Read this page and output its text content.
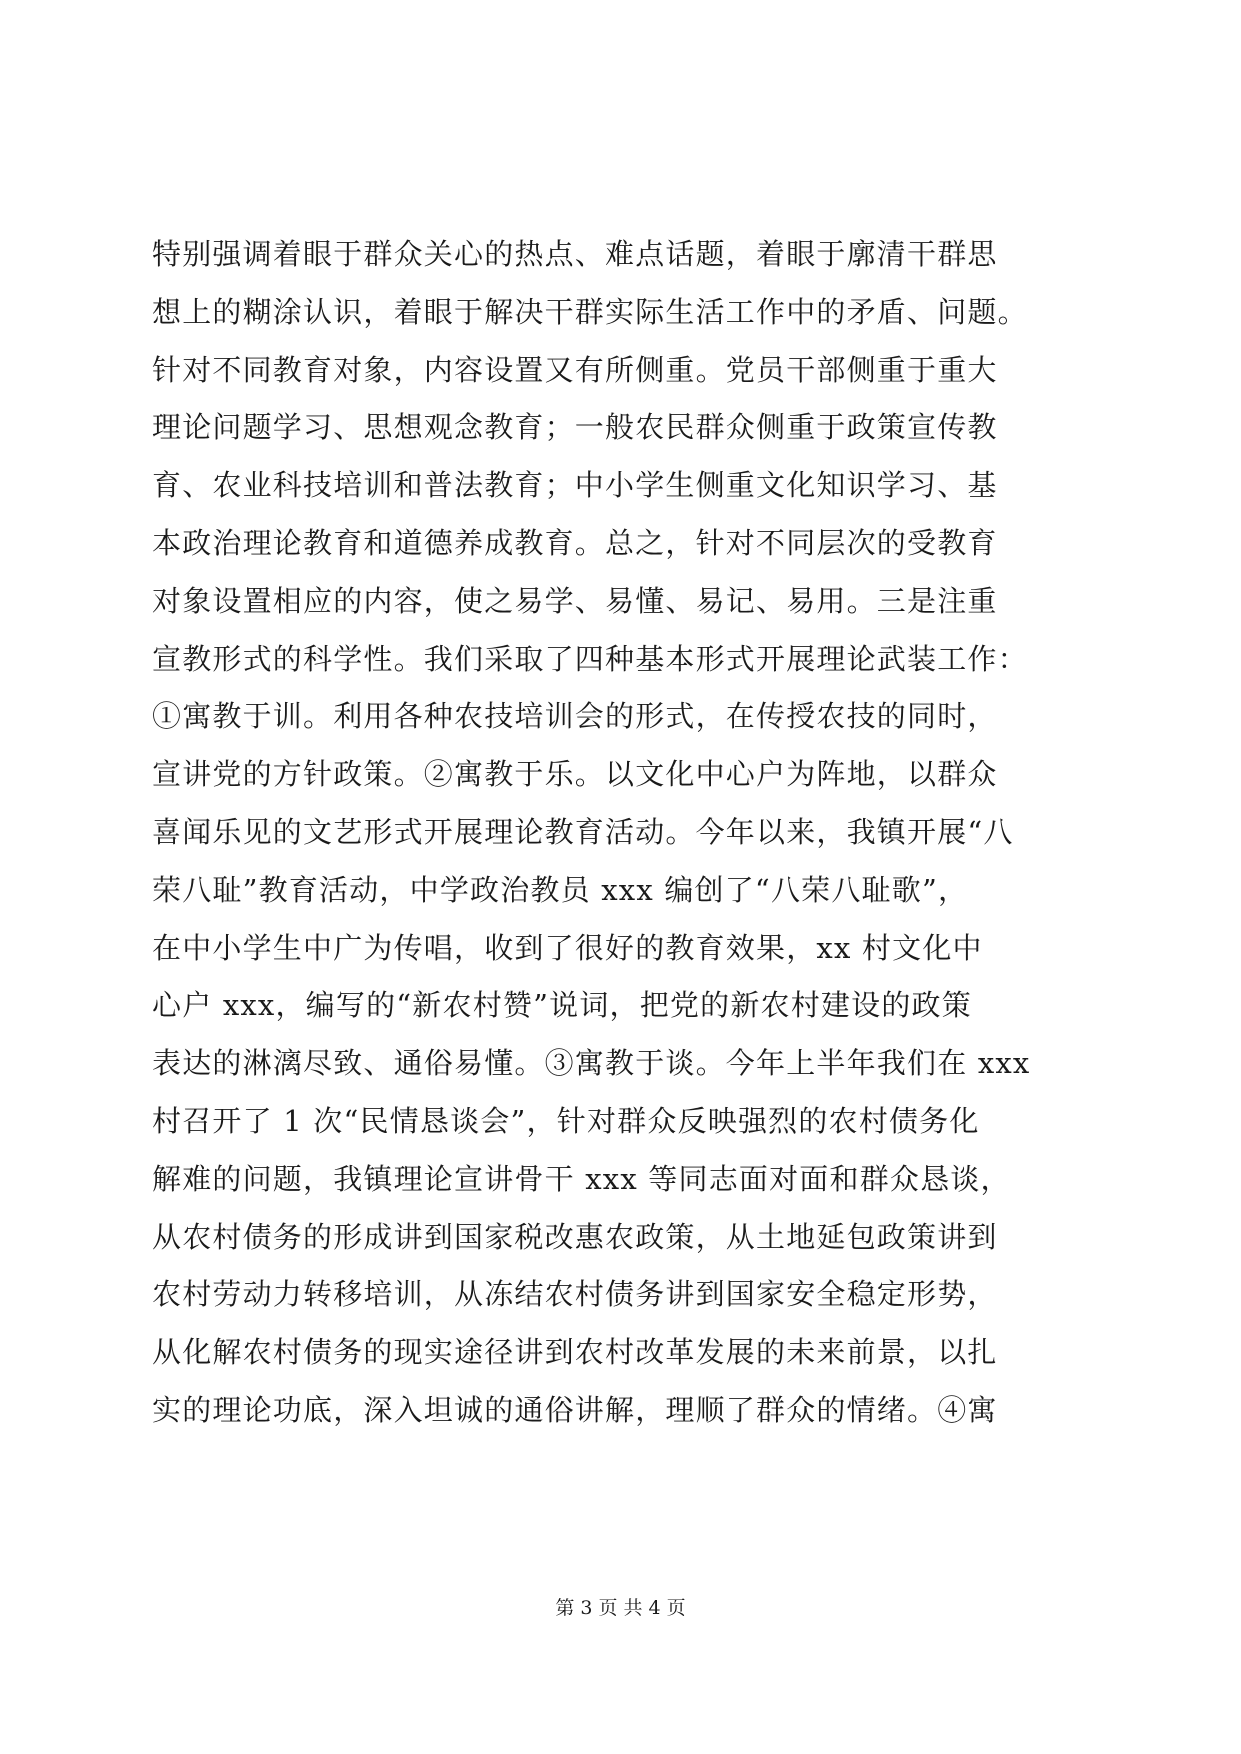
特别强调着眼于群众关心的热点、难点话题，着眼于廓清干群思
想上的糊涂认识，着眼于解决干群实际生活工作中的矛盾、问题。
针对不同教育对象，内容设置又有所侧重。党员干部侧重于重大
理论问题学习、思想观念教育；一般农民群众侧重于政策宣传教
育、农业科技培训和普法教育；中小学生侧重文化知识学习、基
本政治理论教育和道德养成教育。总之，针对不同层次的受教育
对象设置相应的内容，使之易学、易懂、易记、易用。三是注重
宣教形式的科学性。我们采取了四种基本形式开展理论武装工作：
①寓教于训。利用各种农技培训会的形式，在传授农技的同时，
宣讲党的方针政策。②寓教于乐。以文化中心户为阵地，以群众
喜闻乐见的文艺形式开展理论教育活动。今年以来，我镇开展“八
荣八耻”教育活动，中学政治教员 xxx 编创了“八荣八耻歌”，
在中小学生中广为传唱，收到了很好的教育效果，xx 村文化中
心户 xxx，编写的“新农村赞”说词，把党的新农村建设的政策
表达的淋漓尽致、通俗易懂。③寓教于谈。今年上半年我们在 xxx
村召开了 1 次“民情恳谈会”，针对群众反映强烈的农村债务化
解难的问题，我镇理论宣讲骨干 xxx 等同志面对面和群众恳谈，
从农村债务的形成讲到国家税改惠农政策，从土地延包政策讲到
农村劳动力转移培训，从冻结农村债务讲到国家安全稳定形势，
从化解农村债务的现实途径讲到农村改革发展的未来前景，以扎
实的理论功底，深入坦诚的通俗讲解，理顺了群众的情绪。④寓
第 3 页 共 4 页
